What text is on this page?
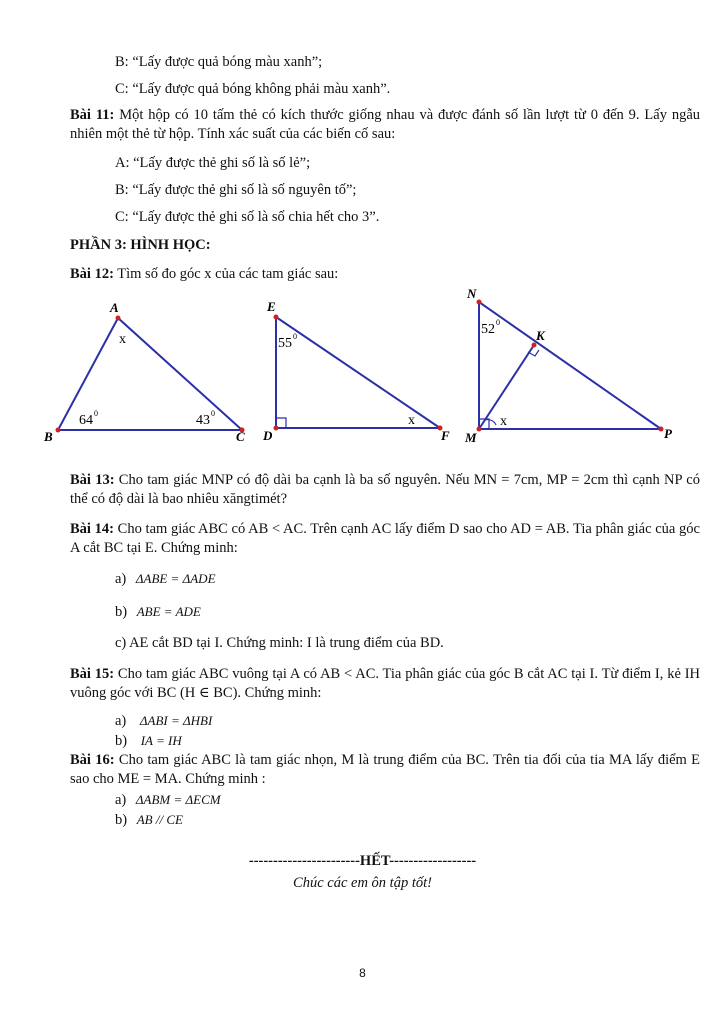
B: “Lấy được quả bóng màu xanh”;
C: “Lấy được quả bóng không phải màu xanh”.
Bài 11: Một hộp có 10 tấm thẻ có kích thước giống nhau và được đánh số lần lượt từ 0 đến 9. Lấy ngẫu nhiên một thẻ từ hộp. Tính xác suất của các biến cố sau:
A: “Lấy được thẻ ghi số là số lẻ”;
B: “Lấy được thẻ ghi số là số nguyên tố”;
C: “Lấy được thẻ ghi số là số chia hết cho 3”.
PHẦN 3: HÌNH HỌC:
Bài 12: Tìm số đo góc x của các tam giác sau:
A
x
B	C
64 0	43 0
E
55 0
D
x
F
N
52 0
K
x
M	P
Bài 13: Cho tam giác MNP có độ dài ba cạnh là ba số nguyên. Nếu MN = 7cm, MP = 2cm thì cạnh NP có thể có độ dài là bao nhiêu xăngtimét?
Bài 14: Cho tam giác ABC có AB < AC. Trên cạnh AC lấy điểm D sao cho AD = AB. Tia phân giác của góc A cắt BC tại E. Chứng minh:
a) ΔABE = ΔADE
b) ABE = ADE
c) AE cắt BD tại I. Chứng minh: I là trung điểm của BD.
Bài 15: Cho tam giác ABC vuông tại A có AB < AC. Tia phân giác của góc B cắt AC tại I. Từ điểm I, kẻ IH vuông góc với BC (H ∈ BC). Chứng minh:
a) ΔABI = ΔHBI
b) IA = IH
Bài 16: Cho tam giác ABC là tam giác nhọn, M là trung điểm của BC. Trên tia đối của tia MA lấy điểm E sao cho ME = MA. Chứng minh :
a) ΔABM = ΔECM
b) AB // CE
-----------------------HẾT------------------
Chúc các em ôn tập tốt!
8
